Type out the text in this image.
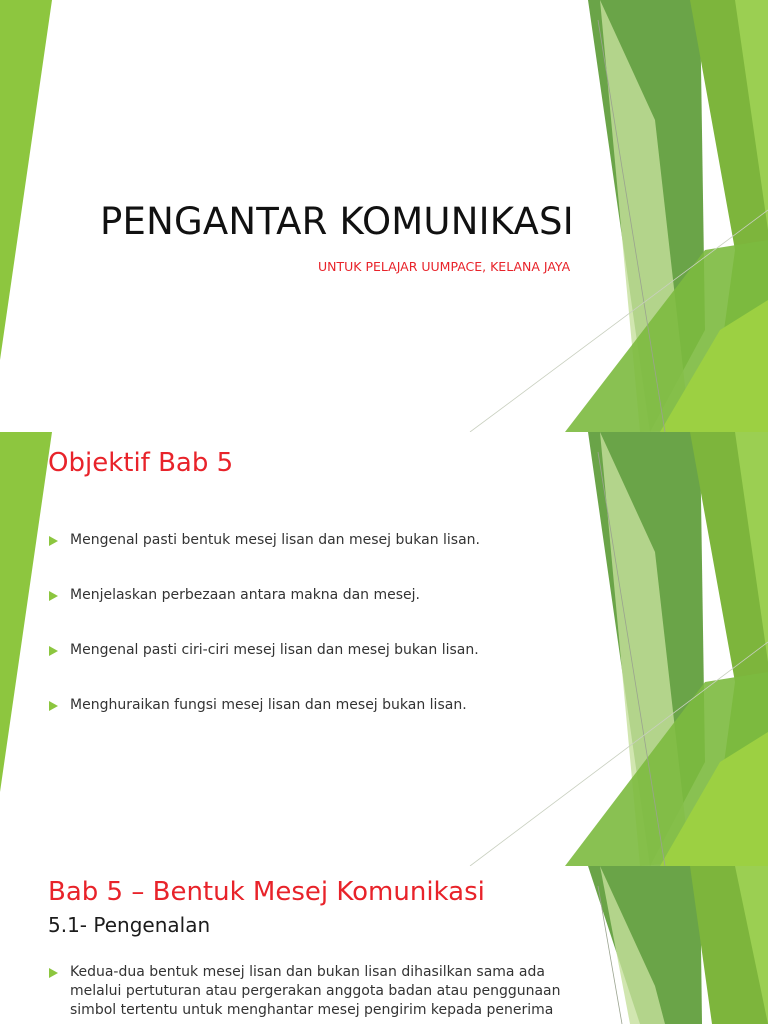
PENGANTAR KOMUNIKASI
UNTUK PELAJAR UUMPACE, KELANA JAYA
Objektif Bab 5
Mengenal pasti bentuk mesej lisan dan mesej bukan lisan.
Menjelaskan perbezaan antara makna dan mesej.
Mengenal pasti ciri-ciri mesej lisan dan mesej bukan lisan.
Menghuraikan fungsi mesej lisan dan mesej bukan lisan.
Bab 5 – Bentuk Mesej Komunikasi
5.1- Pengenalan
Kedua-dua bentuk mesej lisan dan bukan lisan dihasilkan sama ada melalui pertuturan atau pergerakan anggota badan atau penggunaan simbol tertentu untuk menghantar mesej pengirim kepada penerima
